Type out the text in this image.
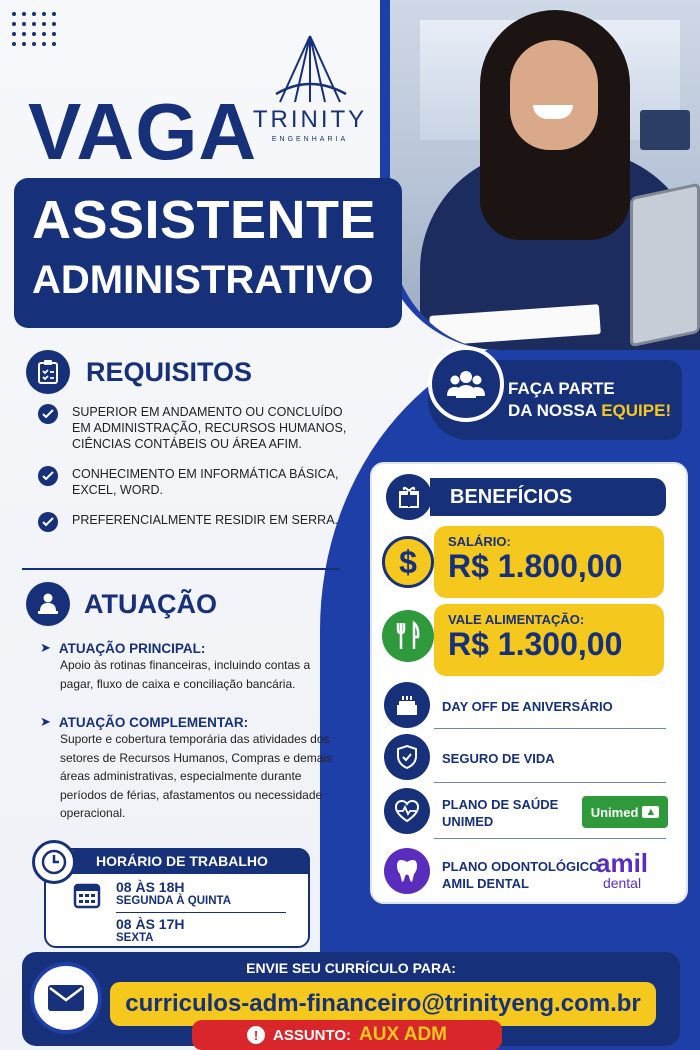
VAGA
TRINITY
ENGENHARIA
ASSISTENTE
ADMINISTRATIVO
REQUISITOS
SUPERIOR EM ANDAMENTO OU CONCLUÍDO EM ADMINISTRAÇÃO, RECURSOS HUMANOS, CIÊNCIAS CONTÁBEIS OU ÁREA AFIM.
CONHECIMENTO EM INFORMÁTICA BÁSICA, EXCEL, WORD.
PREFERENCIALMENTE RESIDIR EM SERRA.
ATUAÇÃO
➤ ATUAÇÃO PRINCIPAL:
Apoio às rotinas financeiras, incluindo contas a pagar, fluxo de caixa e conciliação bancária.
➤ ATUAÇÃO COMPLEMENTAR:
Suporte e cobertura temporária das atividades dos setores de Recursos Humanos, Compras e demais áreas administrativas, especialmente durante períodos de férias, afastamentos ou necessidade operacional.
HORÁRIO DE TRABALHO
08 ÀS 18H
SEGUNDA À QUINTA
08 ÀS 17H
SEXTA
FAÇA PARTE
DA NOSSA EQUIPE!
BENEFÍCIOS
$
SALÁRIO:
R$ 1.800,00
VALE ALIMENTAÇÃO:
R$ 1.300,00
DAY OFF DE ANIVERSÁRIO
SEGURO DE VIDA
PLANO DE SAÚDE
UNIMED
Unimed ▲
PLANO ODONTOLÓGICO
AMIL DENTAL
amil
dental
ENVIE SEU CURRÍCULO PARA:
curriculos-adm-financeiro@trinityeng.com.br
! ASSUNTO: AUX ADM
